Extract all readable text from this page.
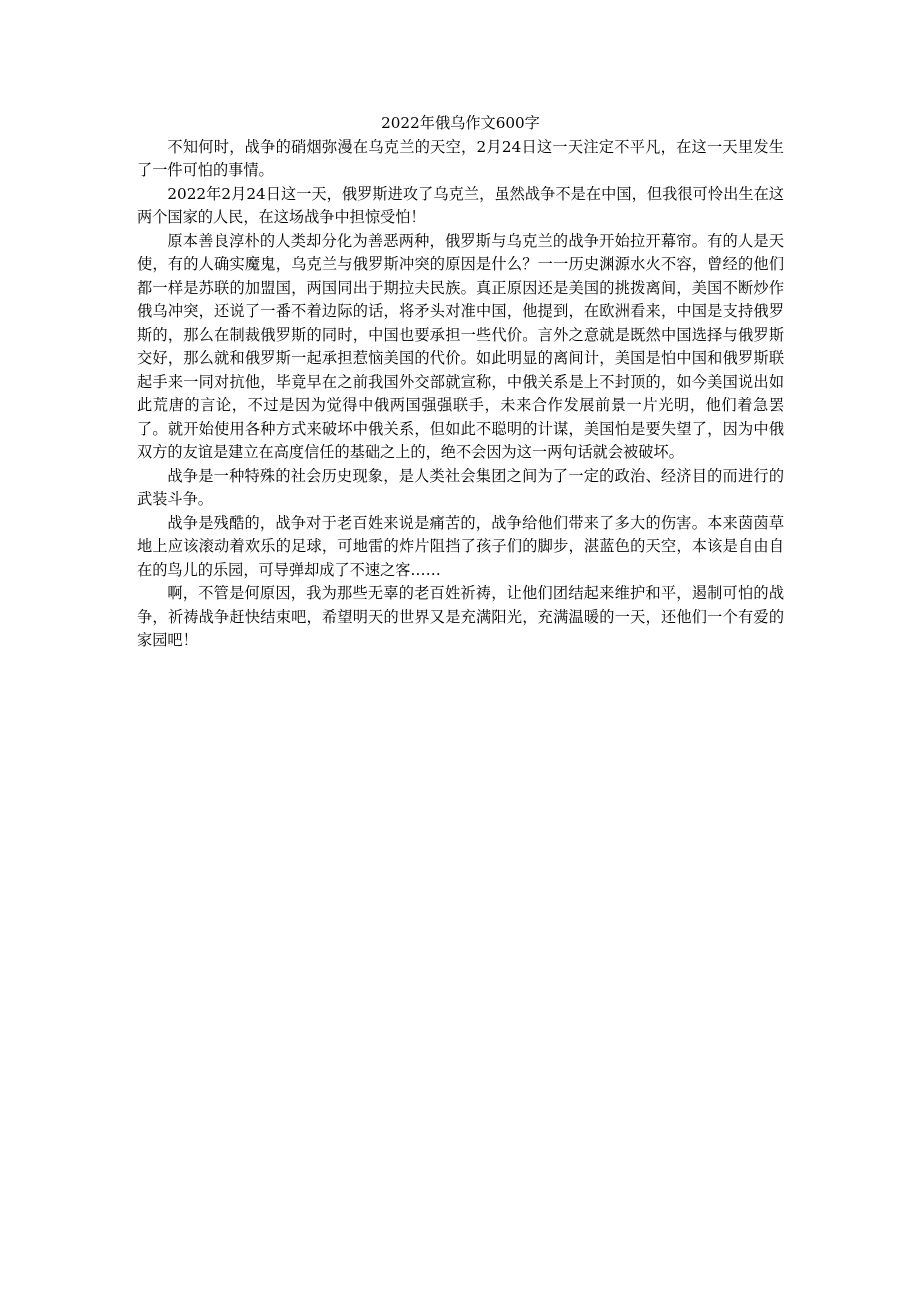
2022年俄乌作文600字

不知何时，战争的硝烟弥漫在乌克兰的天空，2月24日这一天注定不平凡，在这一天里发生了一件可怕的事情。

2022年2月24日这一天，俄罗斯进攻了乌克兰，虽然战争不是在中国，但我很可怜出生在这两个国家的人民，在这场战争中担惊受怕！

原本善良淳朴的人类却分化为善恶两种，俄罗斯与乌克兰的战争开始拉开幕帘。有的人是天使，有的人确实魔鬼，乌克兰与俄罗斯冲突的原因是什么？一一历史渊源水火不容，曾经的他们都一样是苏联的加盟国，两国同出于期拉夫民族。真正原因还是美国的挑拨离间，美国不断炒作俄乌冲突，还说了一番不着边际的话，将矛头对准中国，他提到，在欧洲看来，中国是支持俄罗斯的，那么在制裁俄罗斯的同时，中国也要承担一些代价。言外之意就是既然中国选择与俄罗斯交好，那么就和俄罗斯一起承担惹恼美国的代价。如此明显的离间计，美国是怕中国和俄罗斯联起手来一同对抗他，毕竟早在之前我国外交部就宣称，中俄关系是上不封顶的，如今美国说出如此荒唐的言论，不过是因为觉得中俄两国强强联手，未来合作发展前景一片光明，他们着急罢了。就开始使用各种方式来破坏中俄关系，但如此不聪明的计谋，美国怕是要失望了，因为中俄双方的友谊是建立在高度信任的基础之上的，绝不会因为这一两句话就会被破坏。

战争是一种特殊的社会历史现象，是人类社会集团之间为了一定的政治、经济目的而进行的武装斗争。

战争是残酷的，战争对于老百姓来说是痛苦的，战争给他们带来了多大的伤害。本来茵茵草地上应该滚动着欢乐的足球，可地雷的炸片阻挡了孩子们的脚步，湛蓝色的天空，本该是自由自在的鸟儿的乐园，可导弹却成了不速之客……

啊，不管是何原因，我为那些无辜的老百姓祈祷，让他们团结起来维护和平，遏制可怕的战争，祈祷战争赶快结束吧，希望明天的世界又是充满阳光，充满温暖的一天，还他们一个有爱的家园吧！
